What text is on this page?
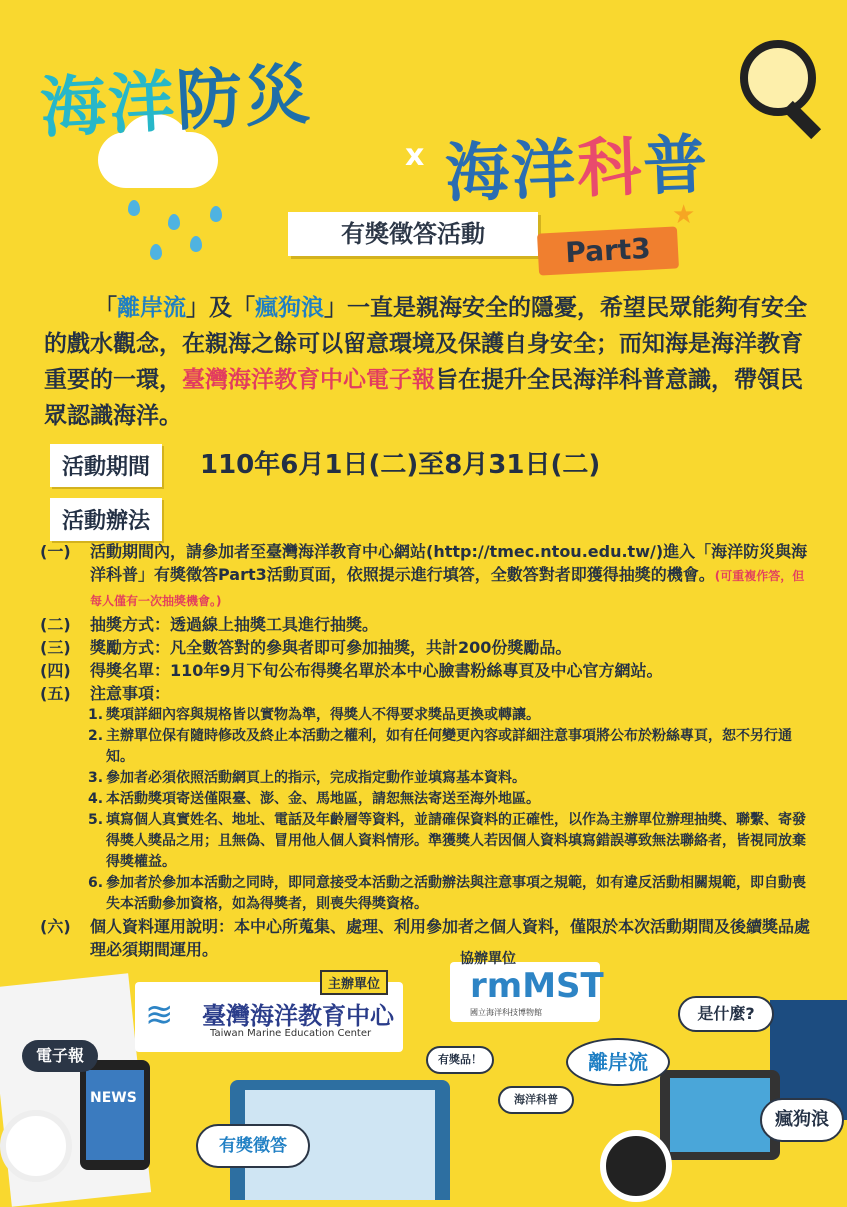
海洋防災
x 海洋科普
有獎徵答活動	Part3
★
「離岸流」及「瘋狗浪」一直是親海安全的隱憂，希望民眾能夠有安全的戲水觀念，在親海之餘可以留意環境及保護自身安全；而知海是海洋教育重要的一環，臺灣海洋教育中心電子報旨在提升全民海洋科普意識，帶領民眾認識海洋。
活動期間	110年6月1日(二)至8月31日(二)
活動辦法
(一)	活動期間內，請參加者至臺灣海洋教育中心網站(http://tmec.ntou.edu.tw/)進入「海洋防災與海洋科普」有獎徵答Part3活動頁面，依照提示進行填答，全數答對者即獲得抽獎的機會。(可重複作答，但每人僅有一次抽獎機會。)
(二)	抽獎方式：透過線上抽獎工具進行抽獎。
(三)	獎勵方式：凡全數答對的參與者即可參加抽獎，共計200份獎勵品。
(四)	得獎名單：110年9月下旬公布得獎名單於本中心臉書粉絲專頁及中心官方網站。
(五)	注意事項：
1. 獎項詳細內容與規格皆以實物為準，得獎人不得要求獎品更換或轉讓。
2. 主辦單位保有隨時修改及終止本活動之權利，如有任何變更內容或詳細注意事項將公布於粉絲專頁，恕不另行通知。
3. 參加者必須依照活動網頁上的指示，完成指定動作並填寫基本資料。
4. 本活動獎項寄送僅限臺、澎、金、馬地區，請恕無法寄送至海外地區。
5. 填寫個人真實姓名、地址、電話及年齡層等資料，並請確保資料的正確性，以作為主辦單位辦理抽獎、聯繫、寄發得獎人獎品之用；且無偽、冒用他人個人資料情形。準獲獎人若因個人資料填寫錯誤導致無法聯絡者，皆視同放棄得獎權益。
6. 參加者於參加本活動之同時，即同意接受本活動之活動辦法與注意事項之規範，如有違反活動相關規範，即自動喪失本活動參加資格，如為得獎者，則喪失得獎資格。
(六)	個人資料運用說明：本中心所蒐集、處理、利用參加者之個人資料，僅限於本次活動期間及後續獎品處理必須期間運用。
NEWS
主辦單位
≋ 臺灣海洋教育中心
Taiwan Marine Education Center
協辦單位
rmMST
國立海洋科技博物館
電子報
有獎徵答
有獎品！
海洋科普
離岸流
是什麼?
瘋狗浪
